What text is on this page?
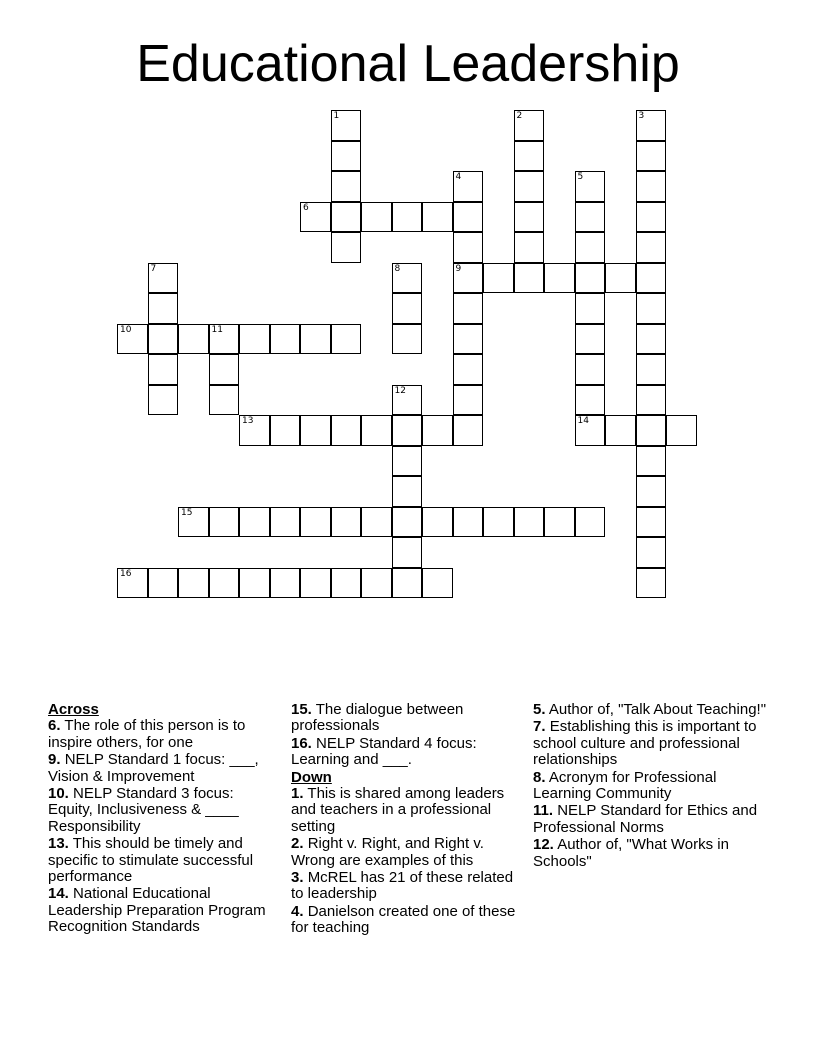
Educational Leadership
1	2	3
4
9
5
14
6
7	8
10	11
12
13
15
16
Across
6. The role of this person is to inspire others, for one
9. NELP Standard 1 focus: ___, Vision & Improvement
10. NELP Standard 3 focus: Equity, Inclusiveness & ____ Responsibility
13. This should be timely and specific to stimulate successful performance
14. National Educational Leadership Preparation Program Recognition Standards
15. The dialogue between professionals
16. NELP Standard 4 focus: Learning and ___.
Down
1. This is shared among leaders and teachers in a professional setting
2. Right v. Right, and Right v. Wrong are examples of this
3. McREL has 21 of these related to leadership
4. Danielson created one of these for teaching
5. Author of, "Talk About Teaching!"
7. Establishing this is important to school culture and professional relationships
8. Acronym for Professional Learning Community
11. NELP Standard for Ethics and Professional Norms
12. Author of, "What Works in Schools"
